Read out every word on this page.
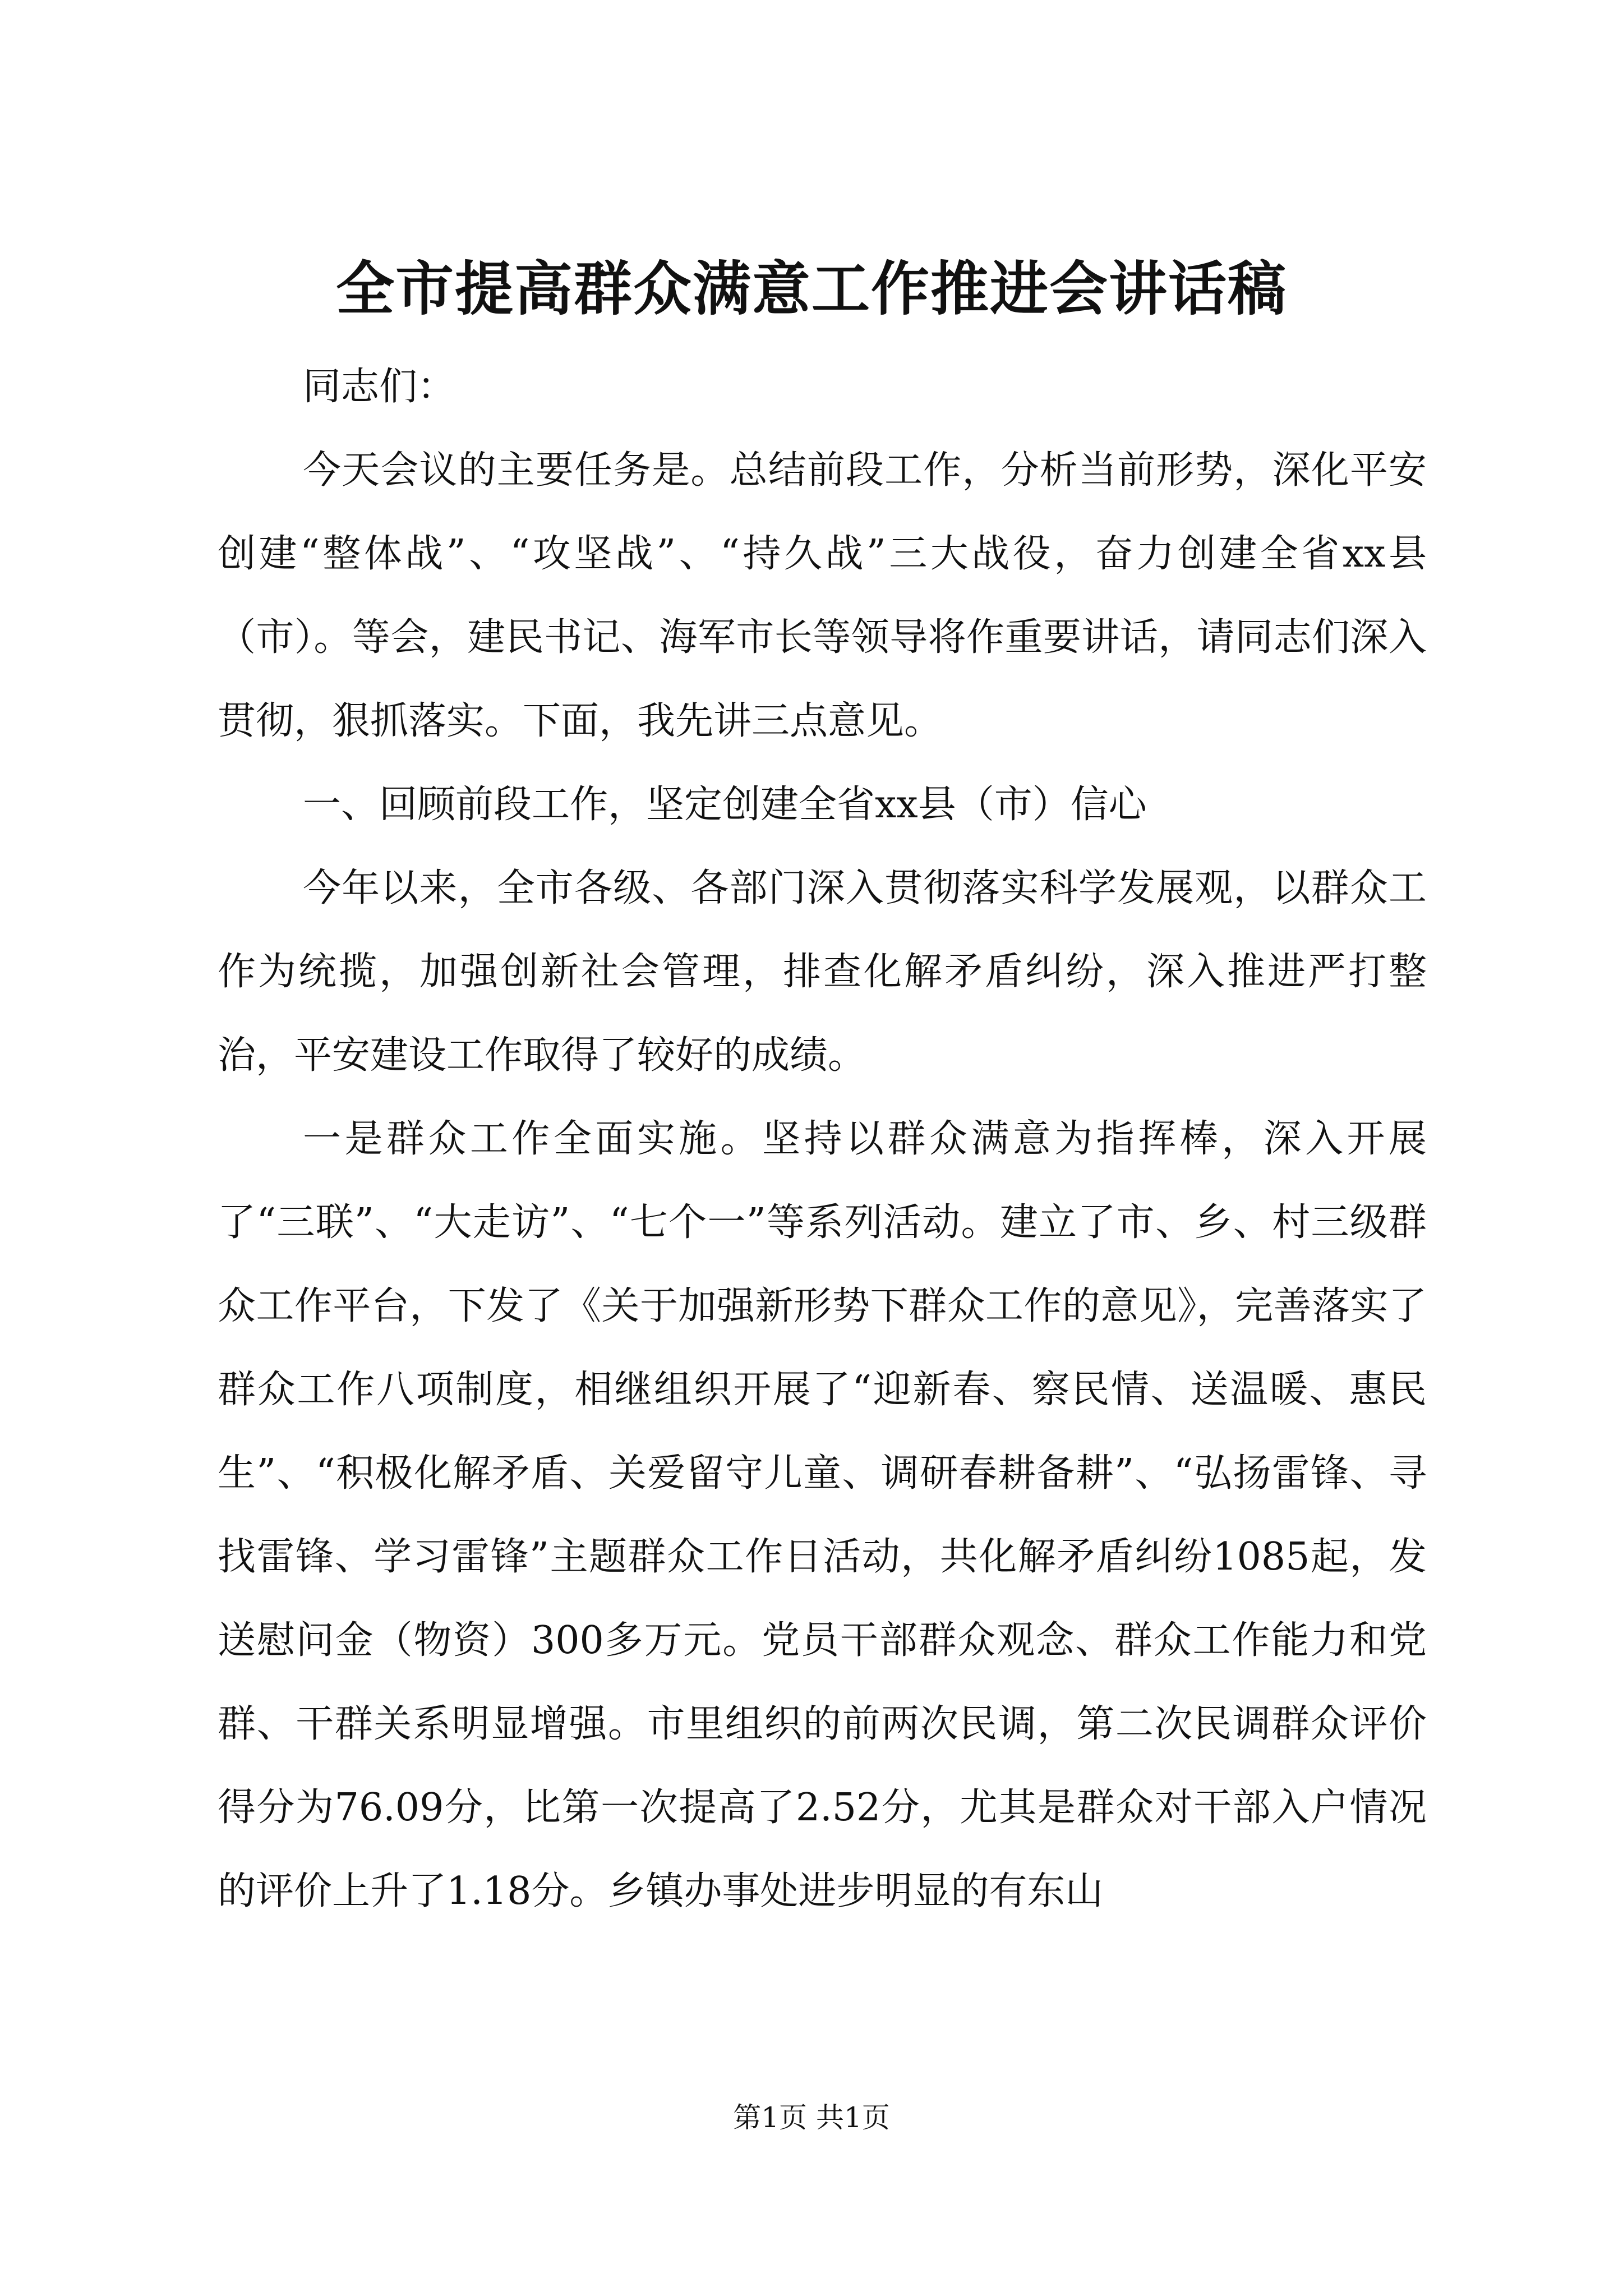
全市提高群众满意工作推进会讲话稿

同志们：

今天会议的主要任务是。总结前段工作，分析当前形势，深化平安创建“整体战”、“攻坚战”、“持久战”三大战役，奋力创建全省xx县（市）。等会，建民书记、海军市长等领导将作重要讲话，请同志们深入贯彻，狠抓落实。下面，我先讲三点意见。

一、回顾前段工作，坚定创建全省xx县（市）信心

今年以来，全市各级、各部门深入贯彻落实科学发展观，以群众工作为统揽，加强创新社会管理，排查化解矛盾纠纷，深入推进严打整治，平安建设工作取得了较好的成绩。

一是群众工作全面实施。坚持以群众满意为指挥棒，深入开展了“三联”、“大走访”、“七个一”等系列活动。建立了市、乡、村三级群众工作平台，下发了《关于加强新形势下群众工作的意见》，完善落实了群众工作八项制度，相继组织开展了“迎新春、察民情、送温暖、惠民生”、“积极化解矛盾、关爱留守儿童、调研春耕备耕”、“弘扬雷锋、寻找雷锋、学习雷锋”主题群众工作日活动，共化解矛盾纠纷1085起，发送慰问金（物资）300多万元。党员干部群众观念、群众工作能力和党群、干群关系明显增强。市里组织的前两次民调，第二次民调群众评价得分为76.09分，比第一次提高了2.52分，尤其是群众对干部入户情况的评价上升了1.18分。乡镇办事处进步明显的有东山

第1页 共1页
